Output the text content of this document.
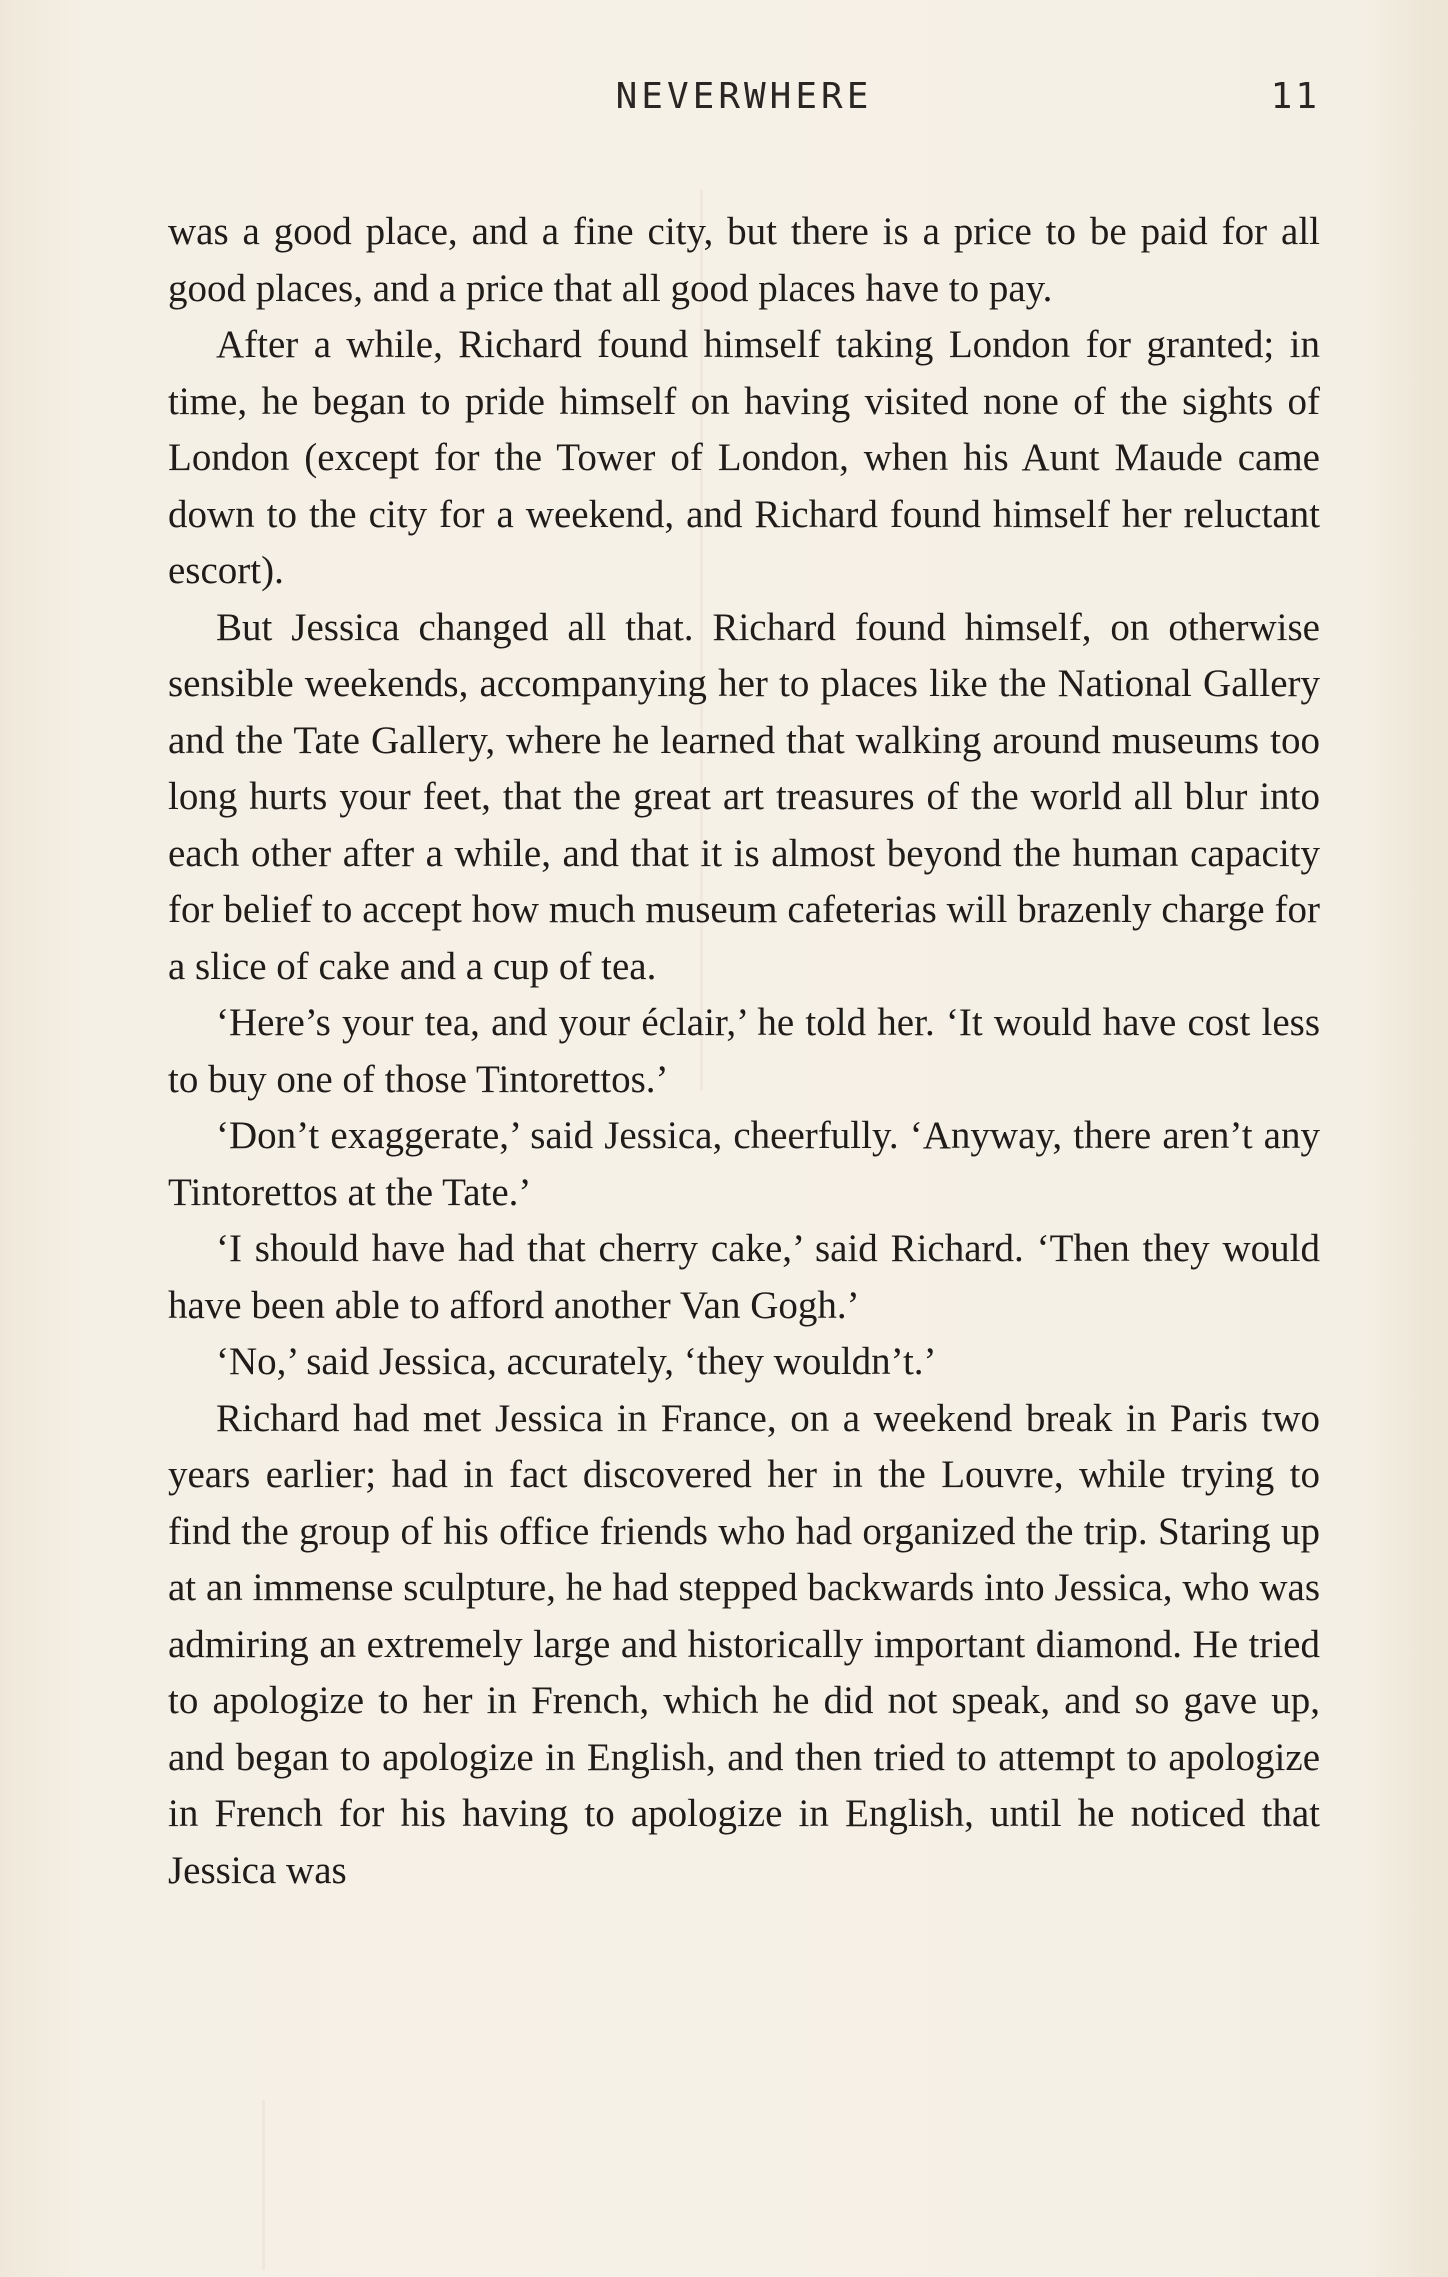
NEVERWHERE	11

was a good place, and a fine city, but there is a price to be paid for all good places, and a price that all good places have to pay.

After a while, Richard found himself taking London for granted; in time, he began to pride himself on having visited none of the sights of London (except for the Tower of London, when his Aunt Maude came down to the city for a weekend, and Richard found himself her reluctant escort).

But Jessica changed all that. Richard found himself, on otherwise sensible weekends, accompanying her to places like the National Gallery and the Tate Gallery, where he learned that walking around museums too long hurts your feet, that the great art treasures of the world all blur into each other after a while, and that it is almost beyond the human capacity for belief to accept how much museum cafeterias will brazenly charge for a slice of cake and a cup of tea.

‘Here’s your tea, and your éclair,’ he told her. ‘It would have cost less to buy one of those Tintorettos.’

‘Don’t exaggerate,’ said Jessica, cheerfully. ‘Anyway, there aren’t any Tintorettos at the Tate.’

‘I should have had that cherry cake,’ said Richard. ‘Then they would have been able to afford another Van Gogh.’

‘No,’ said Jessica, accurately, ‘they wouldn’t.’

Richard had met Jessica in France, on a weekend break in Paris two years earlier; had in fact discovered her in the Louvre, while trying to find the group of his office friends who had organized the trip. Staring up at an immense sculpture, he had stepped backwards into Jessica, who was admiring an extremely large and historically important diamond. He tried to apologize to her in French, which he did not speak, and so gave up, and began to apologize in English, and then tried to attempt to apologize in French for his having to apologize in English, until he noticed that Jessica was
